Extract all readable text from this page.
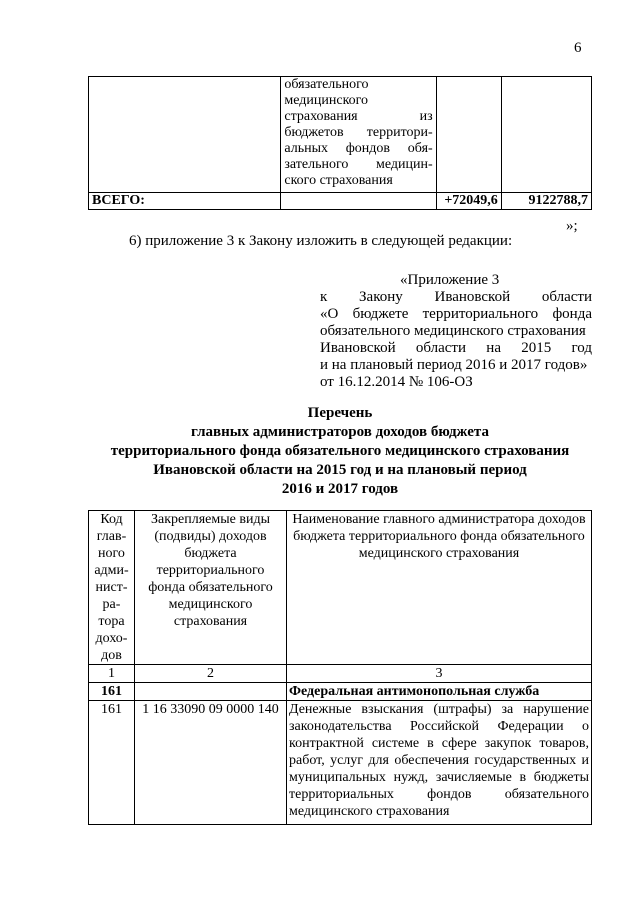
6
	обязательного медицинского страхования из бюджетов территори-альных фондов обя-зательного медицин-ского страхования		
ВСЕГО:		+72049,6	9122788,7
»;
6) приложение 3 к Закону изложить в следующей редакции:
«Приложение 3
к Закону Ивановской области
«О бюджете территориального фонда
обязательного медицинского страхования
Ивановской области на 2015 год
и на плановый период 2016 и 2017 годов»
от 16.12.2014 № 106-ОЗ
Перечень
главных администраторов доходов бюджета
территориального фонда обязательного медицинского страхования
Ивановской области на 2015 год и на плановый период
2016 и 2017 годов
Код глав-ного адми-нист-ра-тора дохо-дов	Закрепляемые виды (подвиды) доходов бюджета территориального фонда обязательного медицинского страхования	Наименование главного администратора доходов бюджета территориального фонда обязательного медицинского страхования
1	2	3
161		Федеральная антимонопольная служба
161	1 16 33090 09 0000 140	Денежные взыскания (штрафы) за нарушение законодательства Российской Федерации о контрактной системе в сфере закупок товаров, работ, услуг для обеспечения государственных и муниципальных нужд, зачисляемые в бюджеты территориальных фондов обязательного медицинского страхования
